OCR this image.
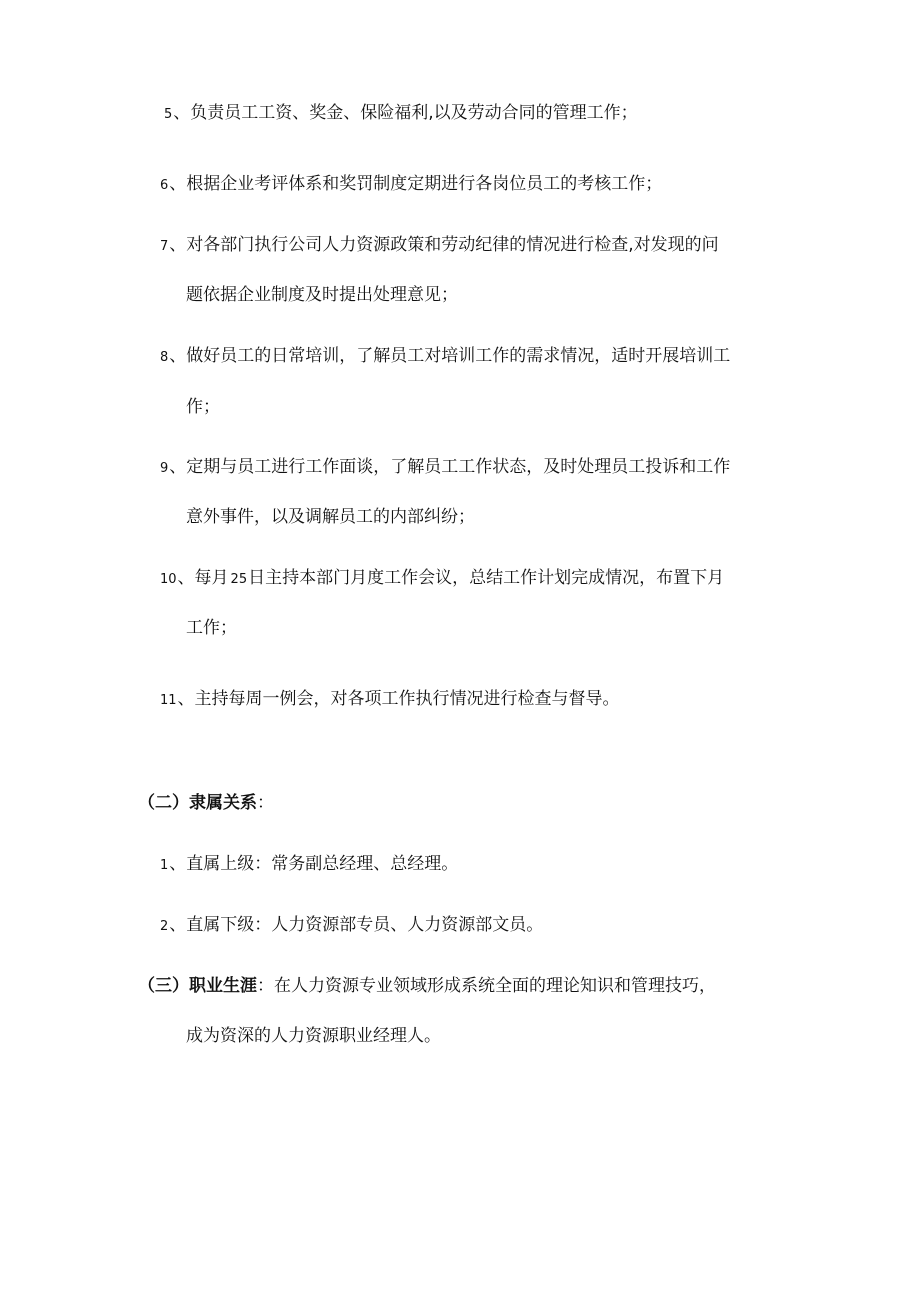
5、负责员工工资、奖金、保险福利,以及劳动合同的管理工作；
6、根据企业考评体系和奖罚制度定期进行各岗位员工的考核工作；
7、对各部门执行公司人力资源政策和劳动纪律的情况进行检查,对发现的问
题依据企业制度及时提出处理意见；
8、做好员工的日常培训，了解员工对培训工作的需求情况，适时开展培训工
作；
9、定期与员工进行工作面谈，了解员工工作状态，及时处理员工投诉和工作
意外事件，以及调解员工的内部纠纷；
10、每月 25日主持本部门月度工作会议，总结工作计划完成情况，布置下月
工作；
11、主持每周一例会，对各项工作执行情况进行检查与督导。
（二）隶属关系：
1、直属上级：常务副总经理、总经理。
2、直属下级：人力资源部专员、人力资源部文员。
（三）职业生涯：在人力资源专业领域形成系统全面的理论知识和管理技巧，
成为资深的人力资源职业经理人。
